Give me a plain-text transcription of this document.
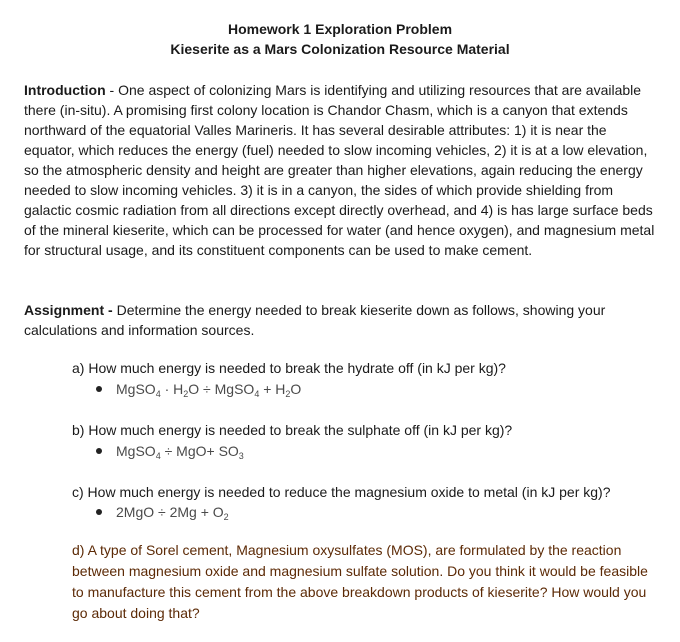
Homework 1 Exploration Problem
Kieserite as a Mars Colonization Resource Material
Introduction - One aspect of colonizing Mars is identifying and utilizing resources that are available there (in-situ). A promising first colony location is Chandor Chasm, which is a canyon that extends northward of the equatorial Valles Marineris. It has several desirable attributes: 1) it is near the equator, which reduces the energy (fuel) needed to slow incoming vehicles, 2) it is at a low elevation, so the atmospheric density and height are greater than higher elevations, again reducing the energy needed to slow incoming vehicles. 3) it is in a canyon, the sides of which provide shielding from galactic cosmic radiation from all directions except directly overhead, and 4) is has large surface beds of the mineral kieserite, which can be processed for water (and hence oxygen), and magnesium metal for structural usage, and its constituent components can be used to make cement.
Assignment - Determine the energy needed to break kieserite down as follows, showing your calculations and information sources.
a) How much energy is needed to break the hydrate off (in kJ per kg)?
MgSO$_4$ · $H_2O$ ÷ MgSO$_4$ + $H_2O$
b) How much energy is needed to break the sulphate off (in kJ per kg)?
MgSO$_4$ ÷ $MgO+ SO_3$
c) How much energy is needed to reduce the magnesium oxide to metal (in kJ per kg)?
$2MgO \div 2Mg + O_2$
d) A type of Sorel cement, Magnesium oxysulfates (MOS), are formulated by the reaction between magnesium oxide and magnesium sulfate solution. Do you think it would be feasible to manufacture this cement from the above breakdown products of kieserite? How would you go about doing that?
